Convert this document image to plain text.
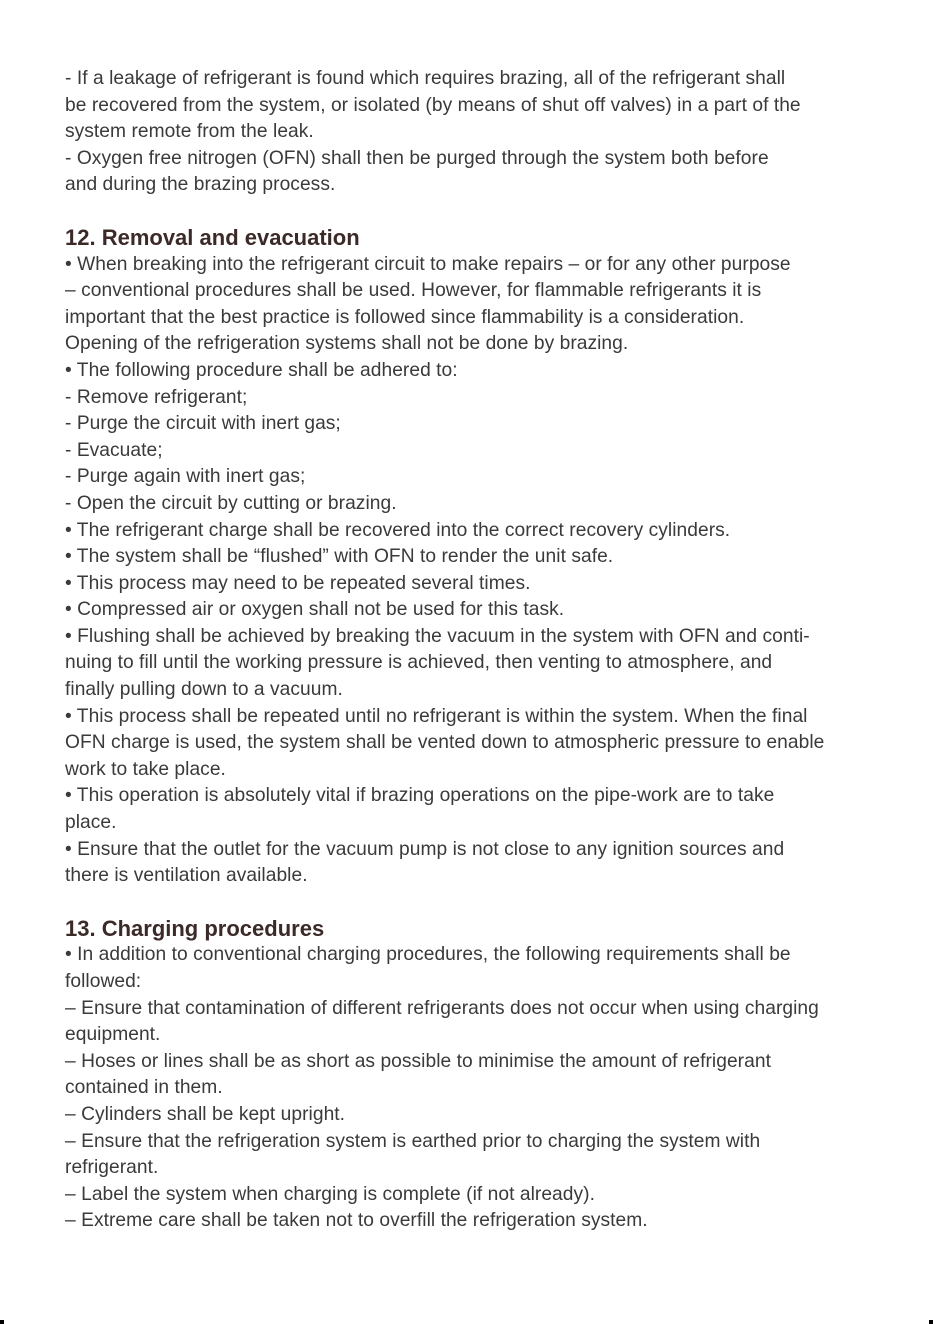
- If a leakage of refrigerant is found which requires brazing, all of the refrigerant shall
be recovered from the system, or isolated (by means of shut off valves) in a part of the
system remote from the leak.
- Oxygen free nitrogen (OFN) shall then be purged through the system both before
and during the brazing process.
12. Removal and evacuation
• When breaking into the refrigerant circuit to make repairs – or for any other purpose
– conventional procedures shall be used. However, for flammable refrigerants it is
important that the best practice is followed since flammability is a consideration.
Opening of the refrigeration systems shall not be done by brazing.
• The following procedure shall be adhered to:
- Remove refrigerant;
- Purge the circuit with inert gas;
- Evacuate;
- Purge again with inert gas;
- Open the circuit by cutting or brazing.
• The refrigerant charge shall be recovered into the correct recovery cylinders.
• The system shall be “flushed” with OFN to render the unit safe.
• This process may need to be repeated several times.
• Compressed air or oxygen shall not be used for this task.
• Flushing shall be achieved by breaking the vacuum in the system with OFN and conti-
nuing to fill until the working pressure is achieved, then venting to atmosphere, and
finally pulling down to a vacuum.
• This process shall be repeated until no refrigerant is within the system. When the final
OFN charge is used, the system shall be vented down to atmospheric pressure to enable
work to take place.
• This operation is absolutely vital if brazing operations on the pipe-work are to take
place.
• Ensure that the outlet for the vacuum pump is not close to any ignition sources and
there is ventilation available.
13. Charging procedures
• In addition to conventional charging procedures, the following requirements shall be
followed:
– Ensure that contamination of different refrigerants does not occur when using charging
equipment.
– Hoses or lines shall be as short as possible to minimise the amount of refrigerant
contained in them.
– Cylinders shall be kept upright.
– Ensure that the refrigeration system is earthed prior to charging the system with
refrigerant.
– Label the system when charging is complete (if not already).
– Extreme care shall be taken not to overfill the refrigeration system.
